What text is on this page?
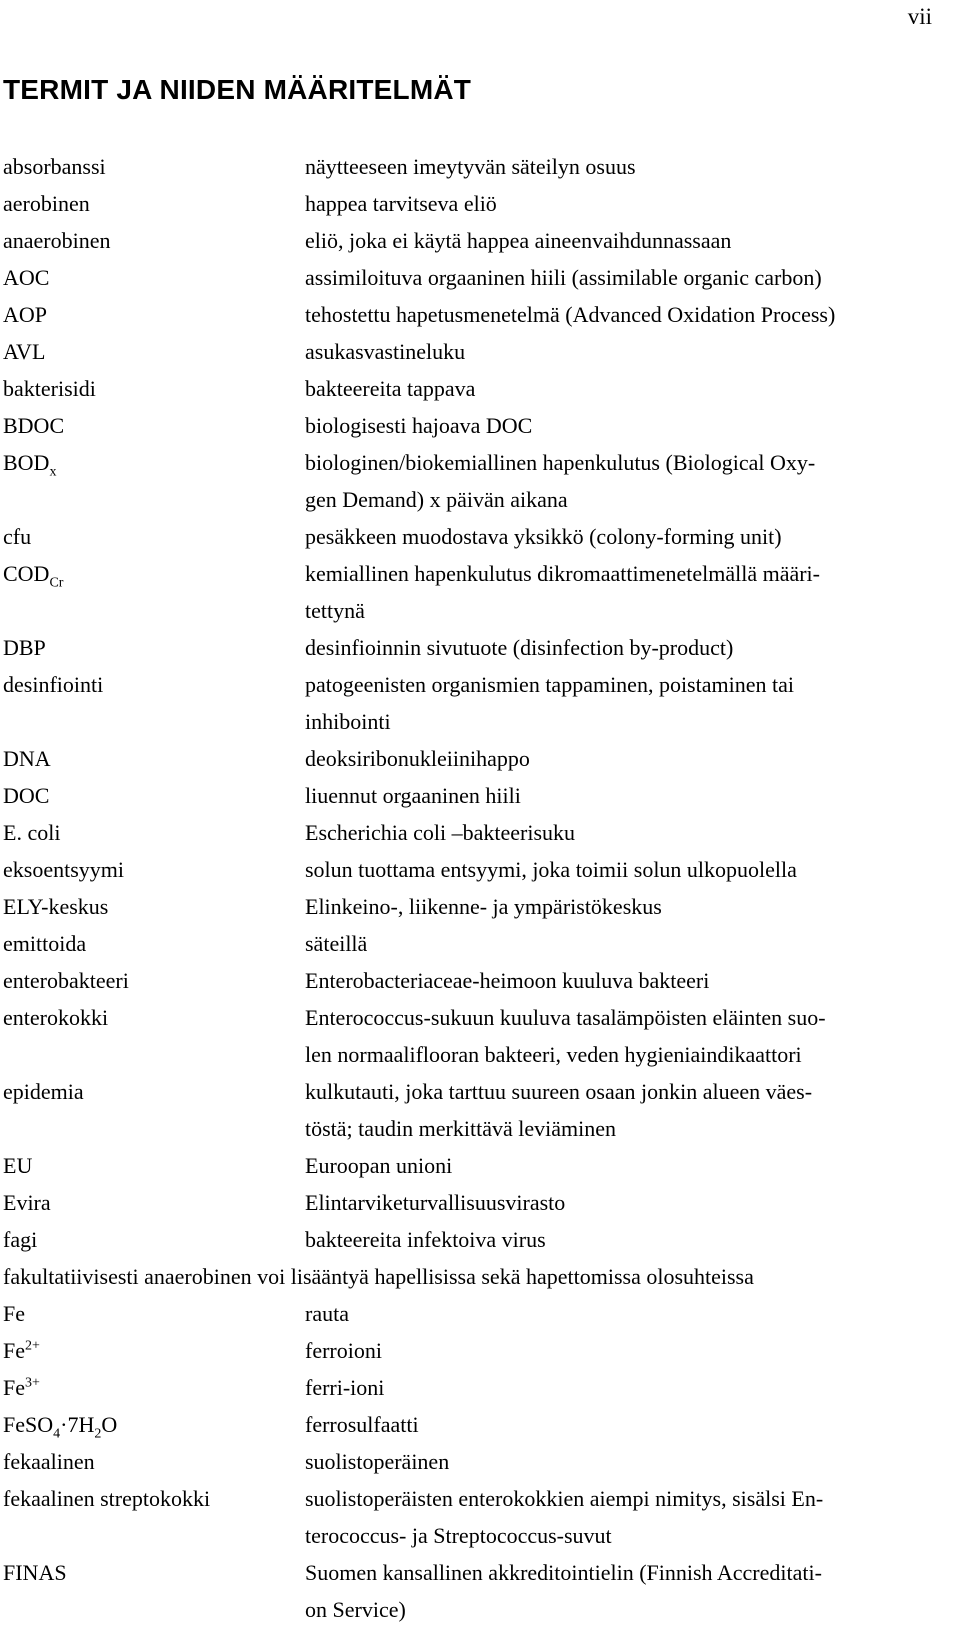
vii
TERMIT JA NIIDEN MÄÄRITELMÄT
absorbanssi	näytteeseen imeytyvän säteilyn osuus
aerobinen	happea tarvitseva eliö
anaerobinen	eliö, joka ei käytä happea aineenvaihdunnassaan
AOC	assimiloituva orgaaninen hiili (assimilable organic carbon)
AOP	tehostettu hapetusmenetelmä (Advanced Oxidation Process)
AVL	asukasvastineluku
bakterisidi	bakteereita tappava
BDOC	biologisesti hajoava DOC
$BOD_x$	biologinen/biokemiallinen hapenkulutus (Biological Oxy-
gen Demand) x päivän aikana
cfu	pesäkkeen muodostava yksikkö (colony-forming unit)
$COD_{Cr}$	kemiallinen hapenkulutus dikromaattimenetelmällä määri-
tettynä
DBP	desinfioinnin sivutuote (disinfection by-product)
desinfiointi	patogeenisten organismien tappaminen, poistaminen tai
inhibointi
DNA	deoksiribonukleiinihappo
DOC	liuennut orgaaninen hiili
E. coli	Escherichia coli –bakteerisuku
eksoentsyymi	solun tuottama entsyymi, joka toimii solun ulkopuolella
ELY-keskus	Elinkeino-, liikenne- ja ympäristökeskus
emittoida	säteillä
enterobakteeri	Enterobacteriaceae-heimoon kuuluva bakteeri
enterokokki	Enterococcus-sukuun kuuluva tasalämpöisten eläinten suo-
len normaaliflooran bakteeri, veden hygieniaindikaattori
epidemia	kulkutauti, joka tarttuu suureen osaan jonkin alueen väes-
töstä; taudin merkittävä leviäminen
EU	Euroopan unioni
Evira	Elintarviketurvallisuusvirasto
fagi	bakteereita infektoiva virus
fakultatiivisesti anaerobinen voi lisääntyä hapellisissa sekä hapettomissa olosuhteissa
Fe	rauta
$Fe^{2+}$	ferroioni
$Fe^{3+}$	ferri-ioni
$FeSO_4\cdot 7H_2O$	ferrosulfaatti
fekaalinen	suolistoperäinen
fekaalinen streptokokki	suolistoperäisten enterokokkien aiempi nimitys, sisälsi En-
terococcus- ja Streptococcus-suvut
FINAS	Suomen kansallinen akkreditointielin (Finnish Accreditati-
on Service)
